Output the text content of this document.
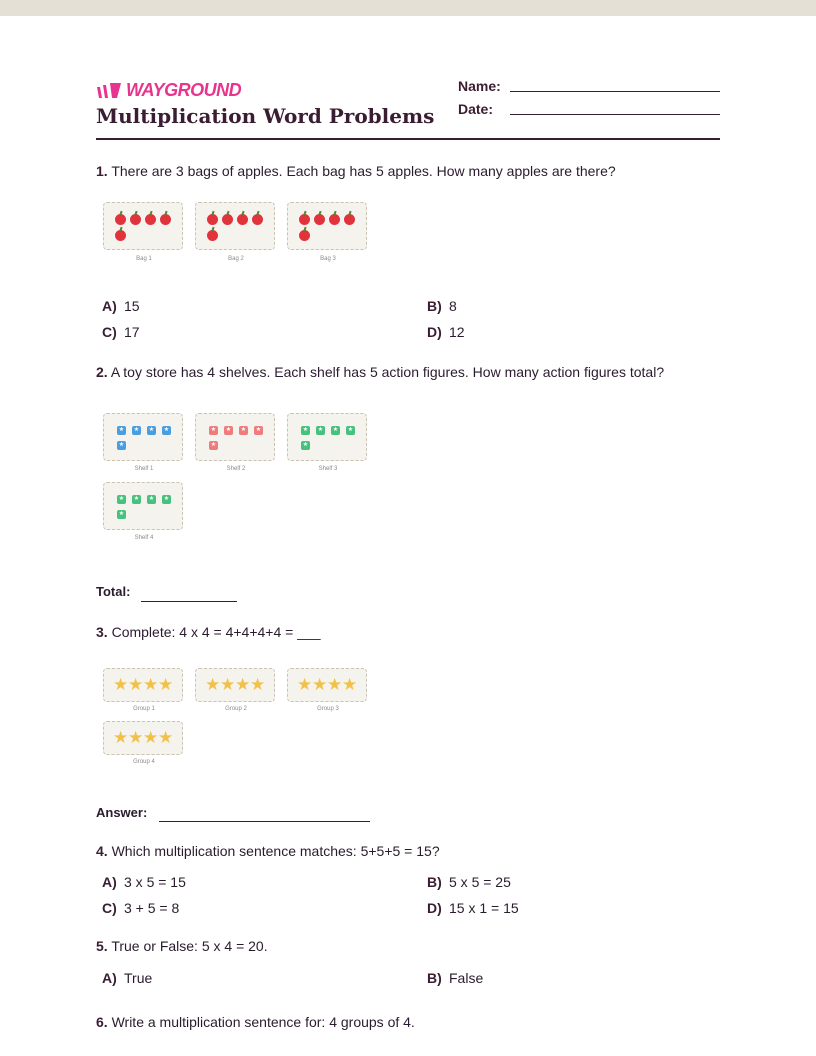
WAYGROUND
Multiplication Word Problems
Name:
Date:
1. There are 3 bags of apples. Each bag has 5 apples. How many apples are there?
Bag 1	Bag 2	Bag 3
A) 15	B) 8
C) 17	D) 12
2. A toy store has 4 shelves. Each shelf has 5 action figures. How many action figures total?
★	★	★	★
★
Shelf 1
★	★	★	★
★
Shelf 2
★	★	★	★
★
Shelf 3
★	★	★	★
★
Shelf 4
Total:
3. Complete: 4 x 4 = 4+4+4+4 = ___
★ ★ ★ ★
Group 1
★ ★ ★ ★
Group 2
★ ★ ★ ★
Group 3
★ ★ ★ ★
Group 4
Answer:
4. Which multiplication sentence matches: 5+5+5 = 15?
A) 3 x 5 = 15	B) 5 x 5 = 25
C) 3 + 5 = 8	D) 15 x 1 = 15
5. True or False: 5 x 4 = 20.
A) True	B) False
6. Write a multiplication sentence for: 4 groups of 4.
